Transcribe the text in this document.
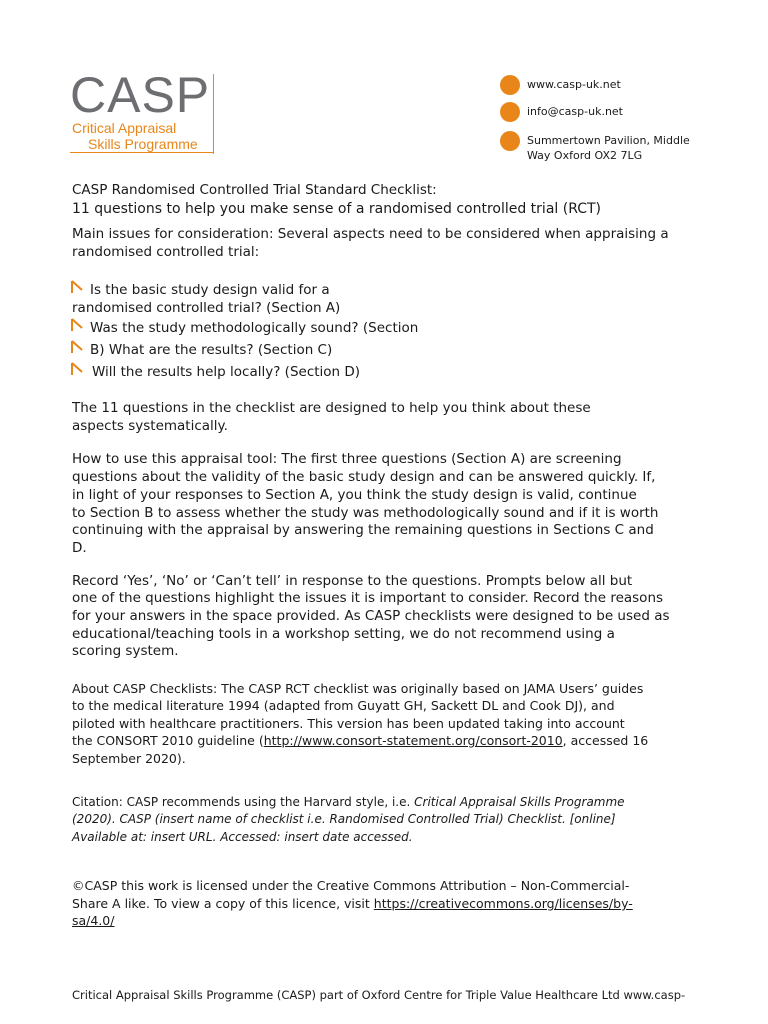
CASP
Critical Appraisal
Skills Programme
www.casp-uk.net
info@casp-uk.net
Summertown Pavilion, Middle
Way Oxford OX2 7LG
CASP Randomised Controlled Trial Standard Checklist:
11 questions to help you make sense of a randomised controlled trial (RCT)
Main issues for consideration: Several aspects need to be considered when appraising a
randomised controlled trial:
Is the basic study design valid for a
randomised controlled trial? (Section A)
Was the study methodologically sound? (Section
B) What are the results? (Section C)
Will the results help locally? (Section D)
The 11 questions in the checklist are designed to help you think about these
aspects systematically.
How to use this appraisal tool: The first three questions (Section A) are screening
questions about the validity of the basic study design and can be answered quickly. If,
in light of your responses to Section A, you think the study design is valid, continue
to Section B to assess whether the study was methodologically sound and if it is worth
continuing with the appraisal by answering the remaining questions in Sections C and
D.
Record ‘Yes’, ‘No’ or ‘Can’t tell’ in response to the questions. Prompts below all but
one of the questions highlight the issues it is important to consider. Record the reasons
for your answers in the space provided. As CASP checklists were designed to be used as
educational/teaching tools in a workshop setting, we do not recommend using a
scoring system.
About CASP Checklists: The CASP RCT checklist was originally based on JAMA Users’ guides
to the medical literature 1994 (adapted from Guyatt GH, Sackett DL and Cook DJ), and
piloted with healthcare practitioners. This version has been updated taking into account
the CONSORT 2010 guideline (http://www.consort-statement.org/consort-2010, accessed 16
September 2020).
Citation: CASP recommends using the Harvard style, i.e. Critical Appraisal Skills Programme
(2020). CASP (insert name of checklist i.e. Randomised Controlled Trial) Checklist. [online]
Available at: insert URL. Accessed: insert date accessed.
©CASP this work is licensed under the Creative Commons Attribution – Non-Commercial-
Share A like. To view a copy of this licence, visit https://creativecommons.org/licenses/by-
sa/4.0/
Critical Appraisal Skills Programme (CASP) part of Oxford Centre for Triple Value Healthcare Ltd www.casp-
